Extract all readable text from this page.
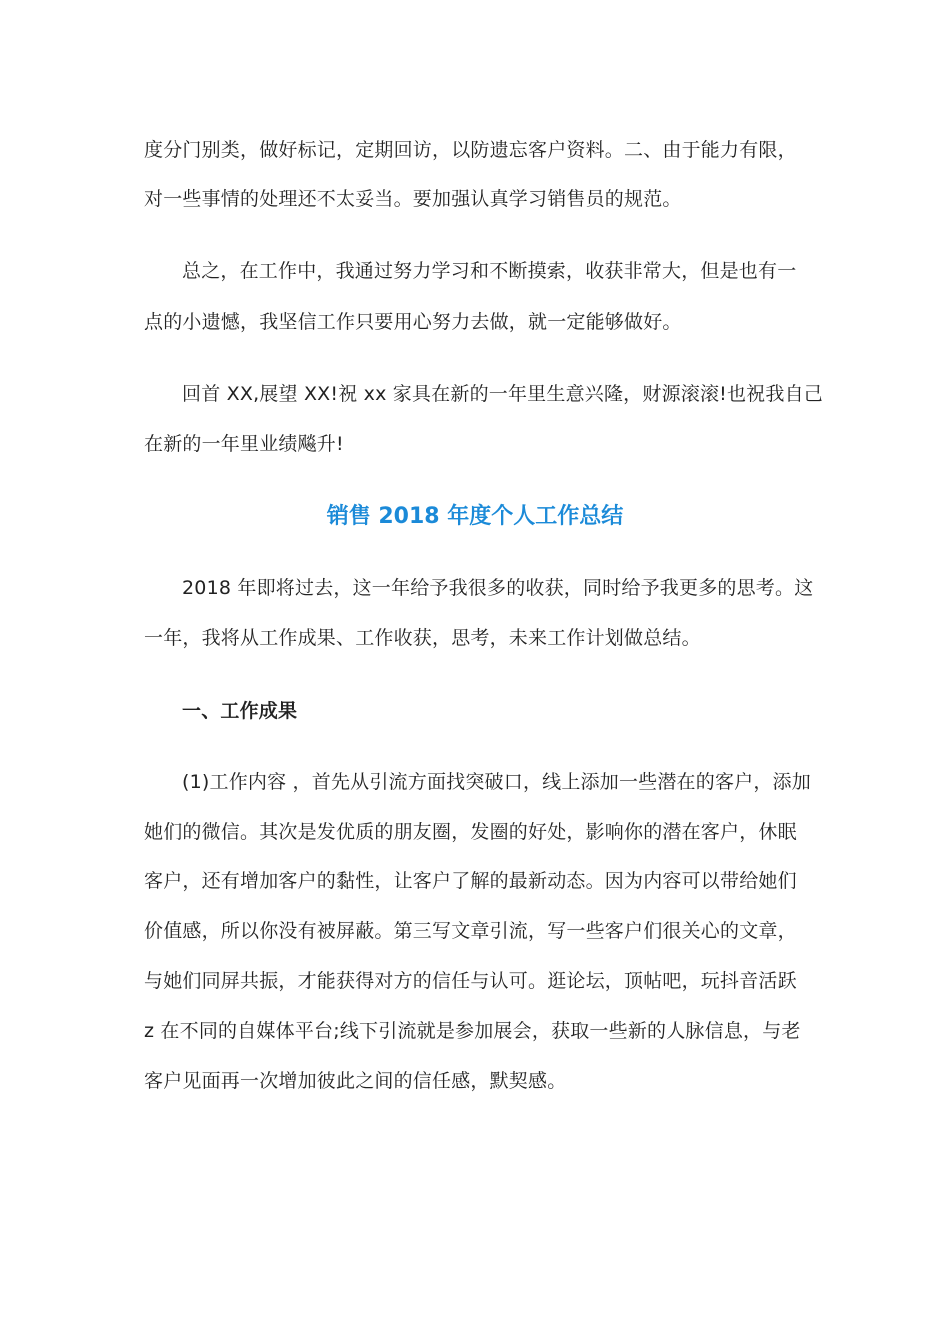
度分门别类，做好标记，定期回访，以防遗忘客户资料。二、由于能力有限，
对一些事情的处理还不太妥当。要加强认真学习销售员的规范。
总之，在工作中，我通过努力学习和不断摸索，收获非常大，但是也有一
点的小遗憾，我坚信工作只要用心努力去做，就一定能够做好。
回首 XX,展望 XX!祝 xx 家具在新的一年里生意兴隆，财源滚滚!也祝我自己
在新的一年里业绩飚升!
销售 2018 年度个人工作总结
2018 年即将过去，这一年给予我很多的收获，同时给予我更多的思考。这
一年，我将从工作成果、工作收获，思考，未来工作计划做总结。
一、工作成果
(1)工作内容 ，首先从引流方面找突破口，线上添加一些潜在的客户，添加
她们的微信。其次是发优质的朋友圈，发圈的好处，影响你的潜在客户，休眠
客户，还有增加客户的黏性，让客户了解的最新动态。因为内容可以带给她们
价值感，所以你没有被屏蔽。第三写文章引流，写一些客户们很关心的文章，
与她们同屏共振，才能获得对方的信任与认可。逛论坛，顶帖吧，玩抖音活跃
z 在不同的自媒体平台;线下引流就是参加展会，获取一些新的人脉信息，与老
客户见面再一次增加彼此之间的信任感，默契感。
